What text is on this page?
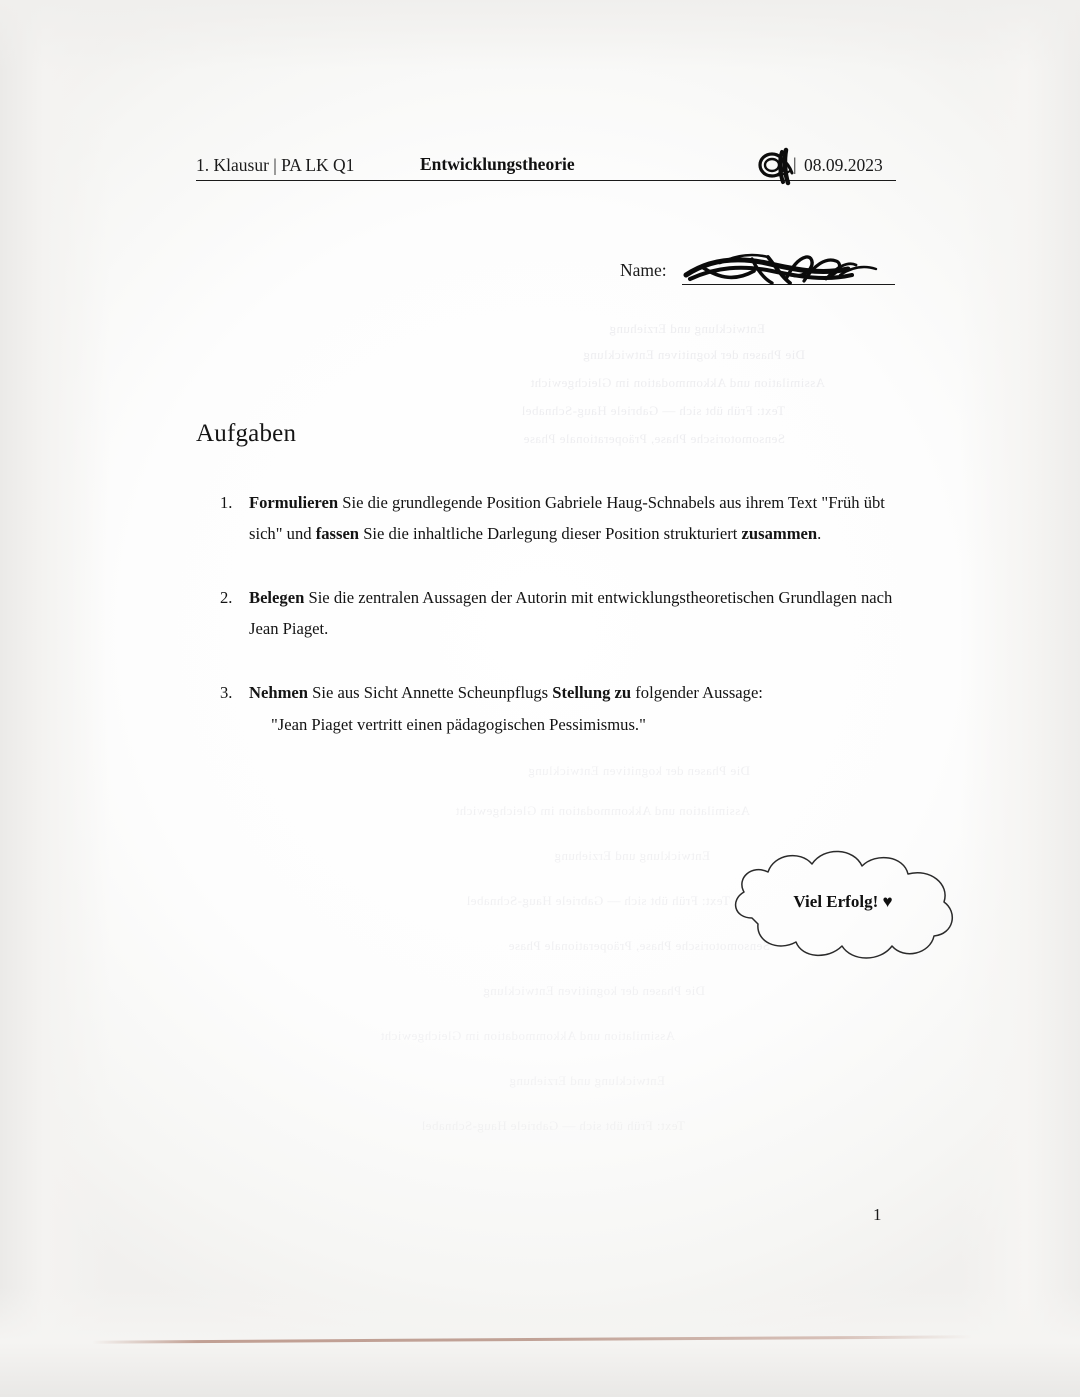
Entwicklung und Erziehung
Die Phasen der kognitiven Entwicklung
Assimilation und Akkommodation im Gleichgewicht
Text: Früh übt sich — Gabriele Haug-Schnabel
Sensomotorische Phase, Präoperationale Phase
Die Phasen der kognitiven Entwicklung
Assimilation und Akkommodation im Gleichgewicht
Entwicklung und Erziehung
Text: Früh übt sich — Gabriele Haug-Schnabel
Sensomotorische Phase, Präoperationale Phase
Die Phasen der kognitiven Entwicklung
Assimilation und Akkommodation im Gleichgewicht
Entwicklung und Erziehung
Text: Früh übt sich — Gabriele Haug-Schnabel
1. Klausur | PA LK Q1	Entwicklungstheorie	| 08.09.2023
Name:
Aufgaben
1. Formulieren Sie die grundlegende Position Gabriele Haug-Schnabels aus ihrem Text "Früh übt sich" und fassen Sie die inhaltliche Darlegung dieser Position strukturiert zusammen.
2. Belegen Sie die zentralen Aussagen der Autorin mit entwicklungstheoretischen Grundlagen nach Jean Piaget.
3. Nehmen Sie aus Sicht Annette Scheunpflugs Stellung zu folgender Aussage:
"Jean Piaget vertritt einen pädagogischen Pessimismus."
Viel Erfolg! ♥
1
